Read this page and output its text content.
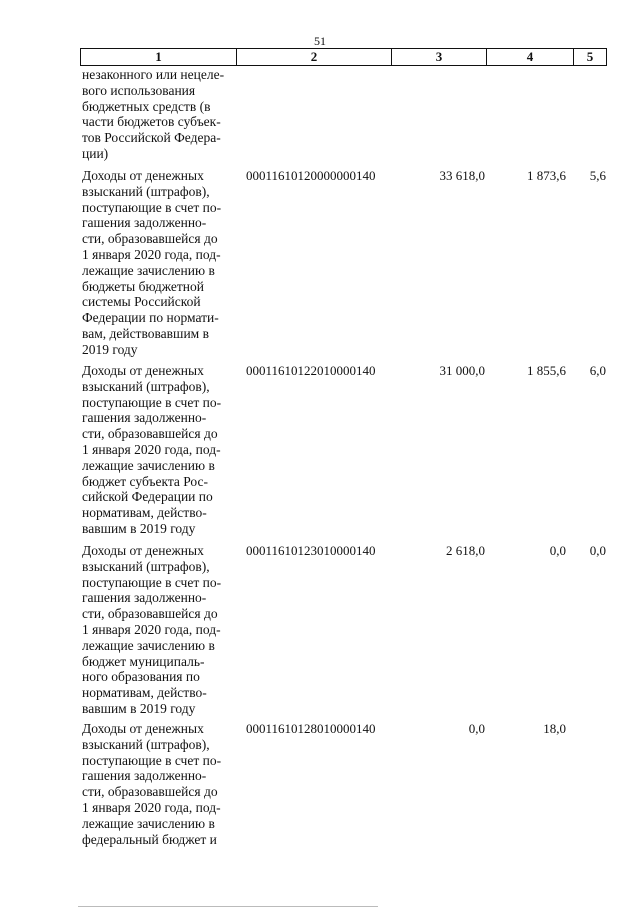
51
1	2	3	4	5
незаконного или нецеле-
вого использования
бюджетных средств (в
части бюджетов субъек-
тов Российской Федера-
ции)
Доходы от денежных
взысканий (штрафов),
поступающие в счет по-
гашения задолженно-
сти, образовавшейся до
1 января 2020 года, под-
лежащие зачислению в
бюджеты бюджетной
системы Российской
Федерации по нормати-
вам, действовавшим в
2019 году
00011610120000000140	33 618,0	1 873,6	5,6
Доходы от денежных
взысканий (штрафов),
поступающие в счет по-
гашения задолженно-
сти, образовавшейся до
1 января 2020 года, под-
лежащие зачислению в
бюджет субъекта Рос-
сийской Федерации по
нормативам, действо-
вавшим в 2019 году
00011610122010000140	31 000,0	1 855,6	6,0
Доходы от денежных
взысканий (штрафов),
поступающие в счет по-
гашения задолженно-
сти, образовавшейся до
1 января 2020 года, под-
лежащие зачислению в
бюджет муниципаль-
ного образования по
нормативам, действо-
вавшим в 2019 году
00011610123010000140	2 618,0	0,0	0,0
Доходы от денежных
взысканий (штрафов),
поступающие в счет по-
гашения задолженно-
сти, образовавшейся до
1 января 2020 года, под-
лежащие зачислению в
федеральный бюджет и
00011610128010000140	0,0	18,0
